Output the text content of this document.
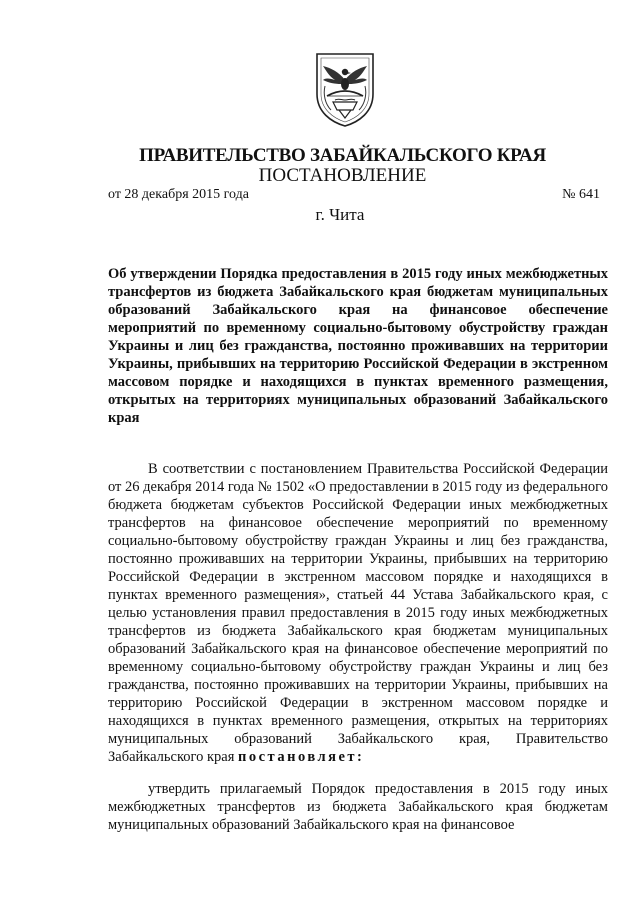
ПРАВИТЕЛЬСТВО ЗАБАЙКАЛЬСКОГО КРАЯ
ПОСТАНОВЛЕНИЕ
от 28 декабря 2015 года	№ 641
г. Чита
Об утверждении Порядка предоставления в 2015 году иных межбюджетных трансфертов из бюджета Забайкальского края бюджетам муниципальных образований Забайкальского края на финансовое обеспечение мероприятий по временному социально-бытовому обустройству граждан Украины и лиц без гражданства, постоянно проживавших на территории Украины, прибывших на территорию Российской Федерации в экстренном массовом порядке и находящихся в пунктах временного размещения, открытых на территориях муниципальных образований Забайкальского края

В соответствии с постановлением Правительства Российской Федерации от 26 декабря 2014 года № 1502 «О предоставлении в 2015 году из федерального бюджета бюджетам субъектов Российской Федерации иных межбюджетных трансфертов на финансовое обеспечение мероприятий по временному социально-бытовому обустройству граждан Украины и лиц без гражданства, постоянно проживавших на территории Украины, прибывших на территорию Российской Федерации в экстренном массовом порядке и находящихся в пунктах временного размещения», статьей 44 Устава Забайкальского края, с целью установления правил предоставления в 2015 году иных межбюджетных трансфертов из бюджета Забайкальского края бюджетам муниципальных образований Забайкальского края на финансовое обеспечение мероприятий по временному социально-бытовому обустройству граждан Украины и лиц без гражданства, постоянно проживавших на территории Украины, прибывших на территорию Российской Федерации в экстренном массовом порядке и находящихся в пунктах временного размещения, открытых на территориях муниципальных образований Забайкальского края, Правительство Забайкальского края постановляет:

утвердить прилагаемый Порядок предоставления в 2015 году иных межбюджетных трансфертов из бюджета Забайкальского края бюджетам муниципальных образований Забайкальского края на финансовое
